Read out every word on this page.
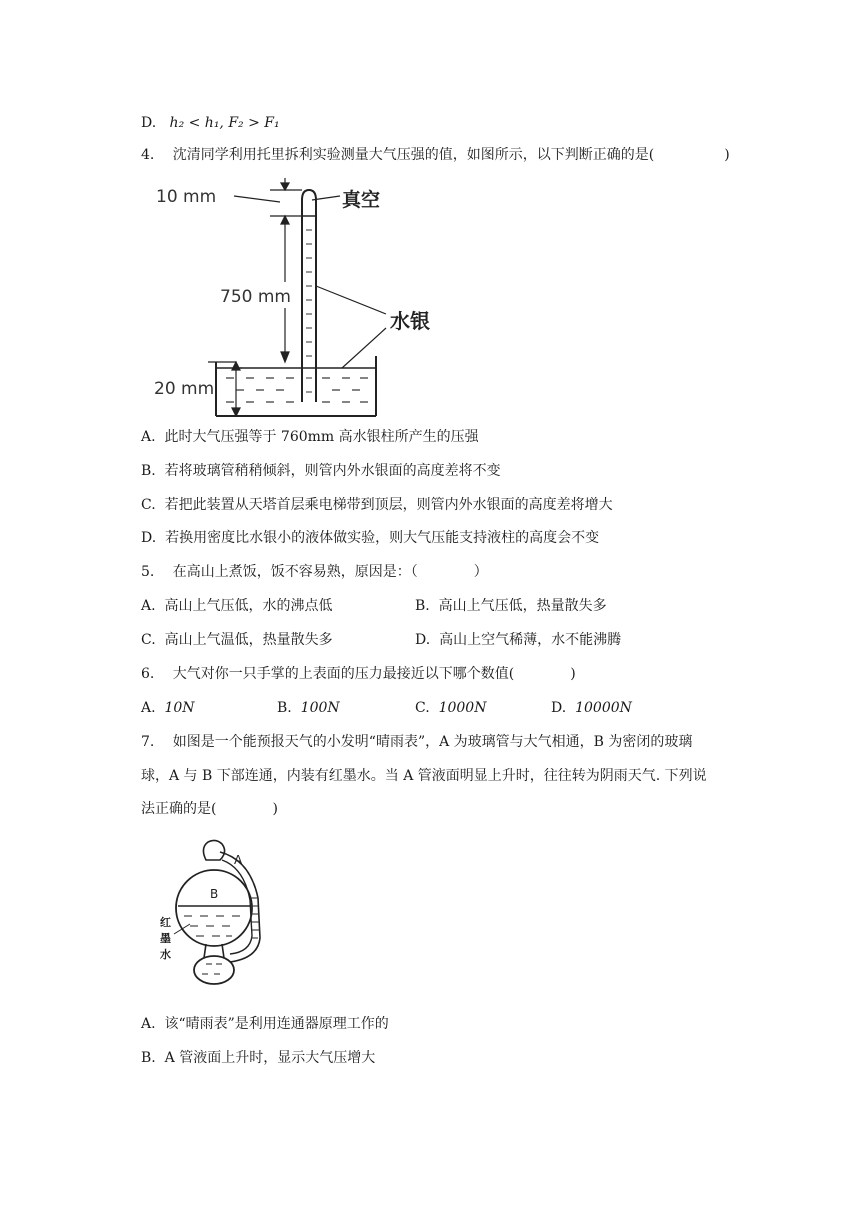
D. h₂ < h₁, F₂ > F₁
4.　 沈清同学利用托里拆利实验测量大气压强的值，如图所示，以下判断正确的是(　　　　　)
10 mm	真空
750 mm
水银
20 mm
A. 此时大气压强等于 760mm 高水银柱所产生的压强
B. 若将玻璃管稍稍倾斜，则管内外水银面的高度差将不变
C. 若把此装置从天塔首层乘电梯带到顶层，则管内外水银面的高度差将增大
D. 若换用密度比水银小的液体做实验，则大气压能支持液柱的高度会不变
5.　 在高山上煮饭，饭不容易熟，原因是：（　　　　）
A. 高山上气压低，水的沸点低	B. 高山上气压低，热量散失多
C. 高山上气温低，热量散失多	D. 高山上空气稀薄，水不能沸腾
6.　 大气对你一只手掌的上表面的压力最接近以下哪个数值(　　　　)
A. 10N	B. 100N	C. 1000N	D. 10000N
7.　 如图是一个能预报天气的小发明“晴雨表”，A 为玻璃管与大气相通，B 为密闭的玻璃
球，A 与 B 下部连通，内装有红墨水。当 A 管液面明显上升时，往往转为阴雨天气. 下列说
法正确的是(　　　　)
A
B
红
墨
水
A. 该“晴雨表”是利用连通器原理工作的
B. A 管液面上升时，显示大气压增大
